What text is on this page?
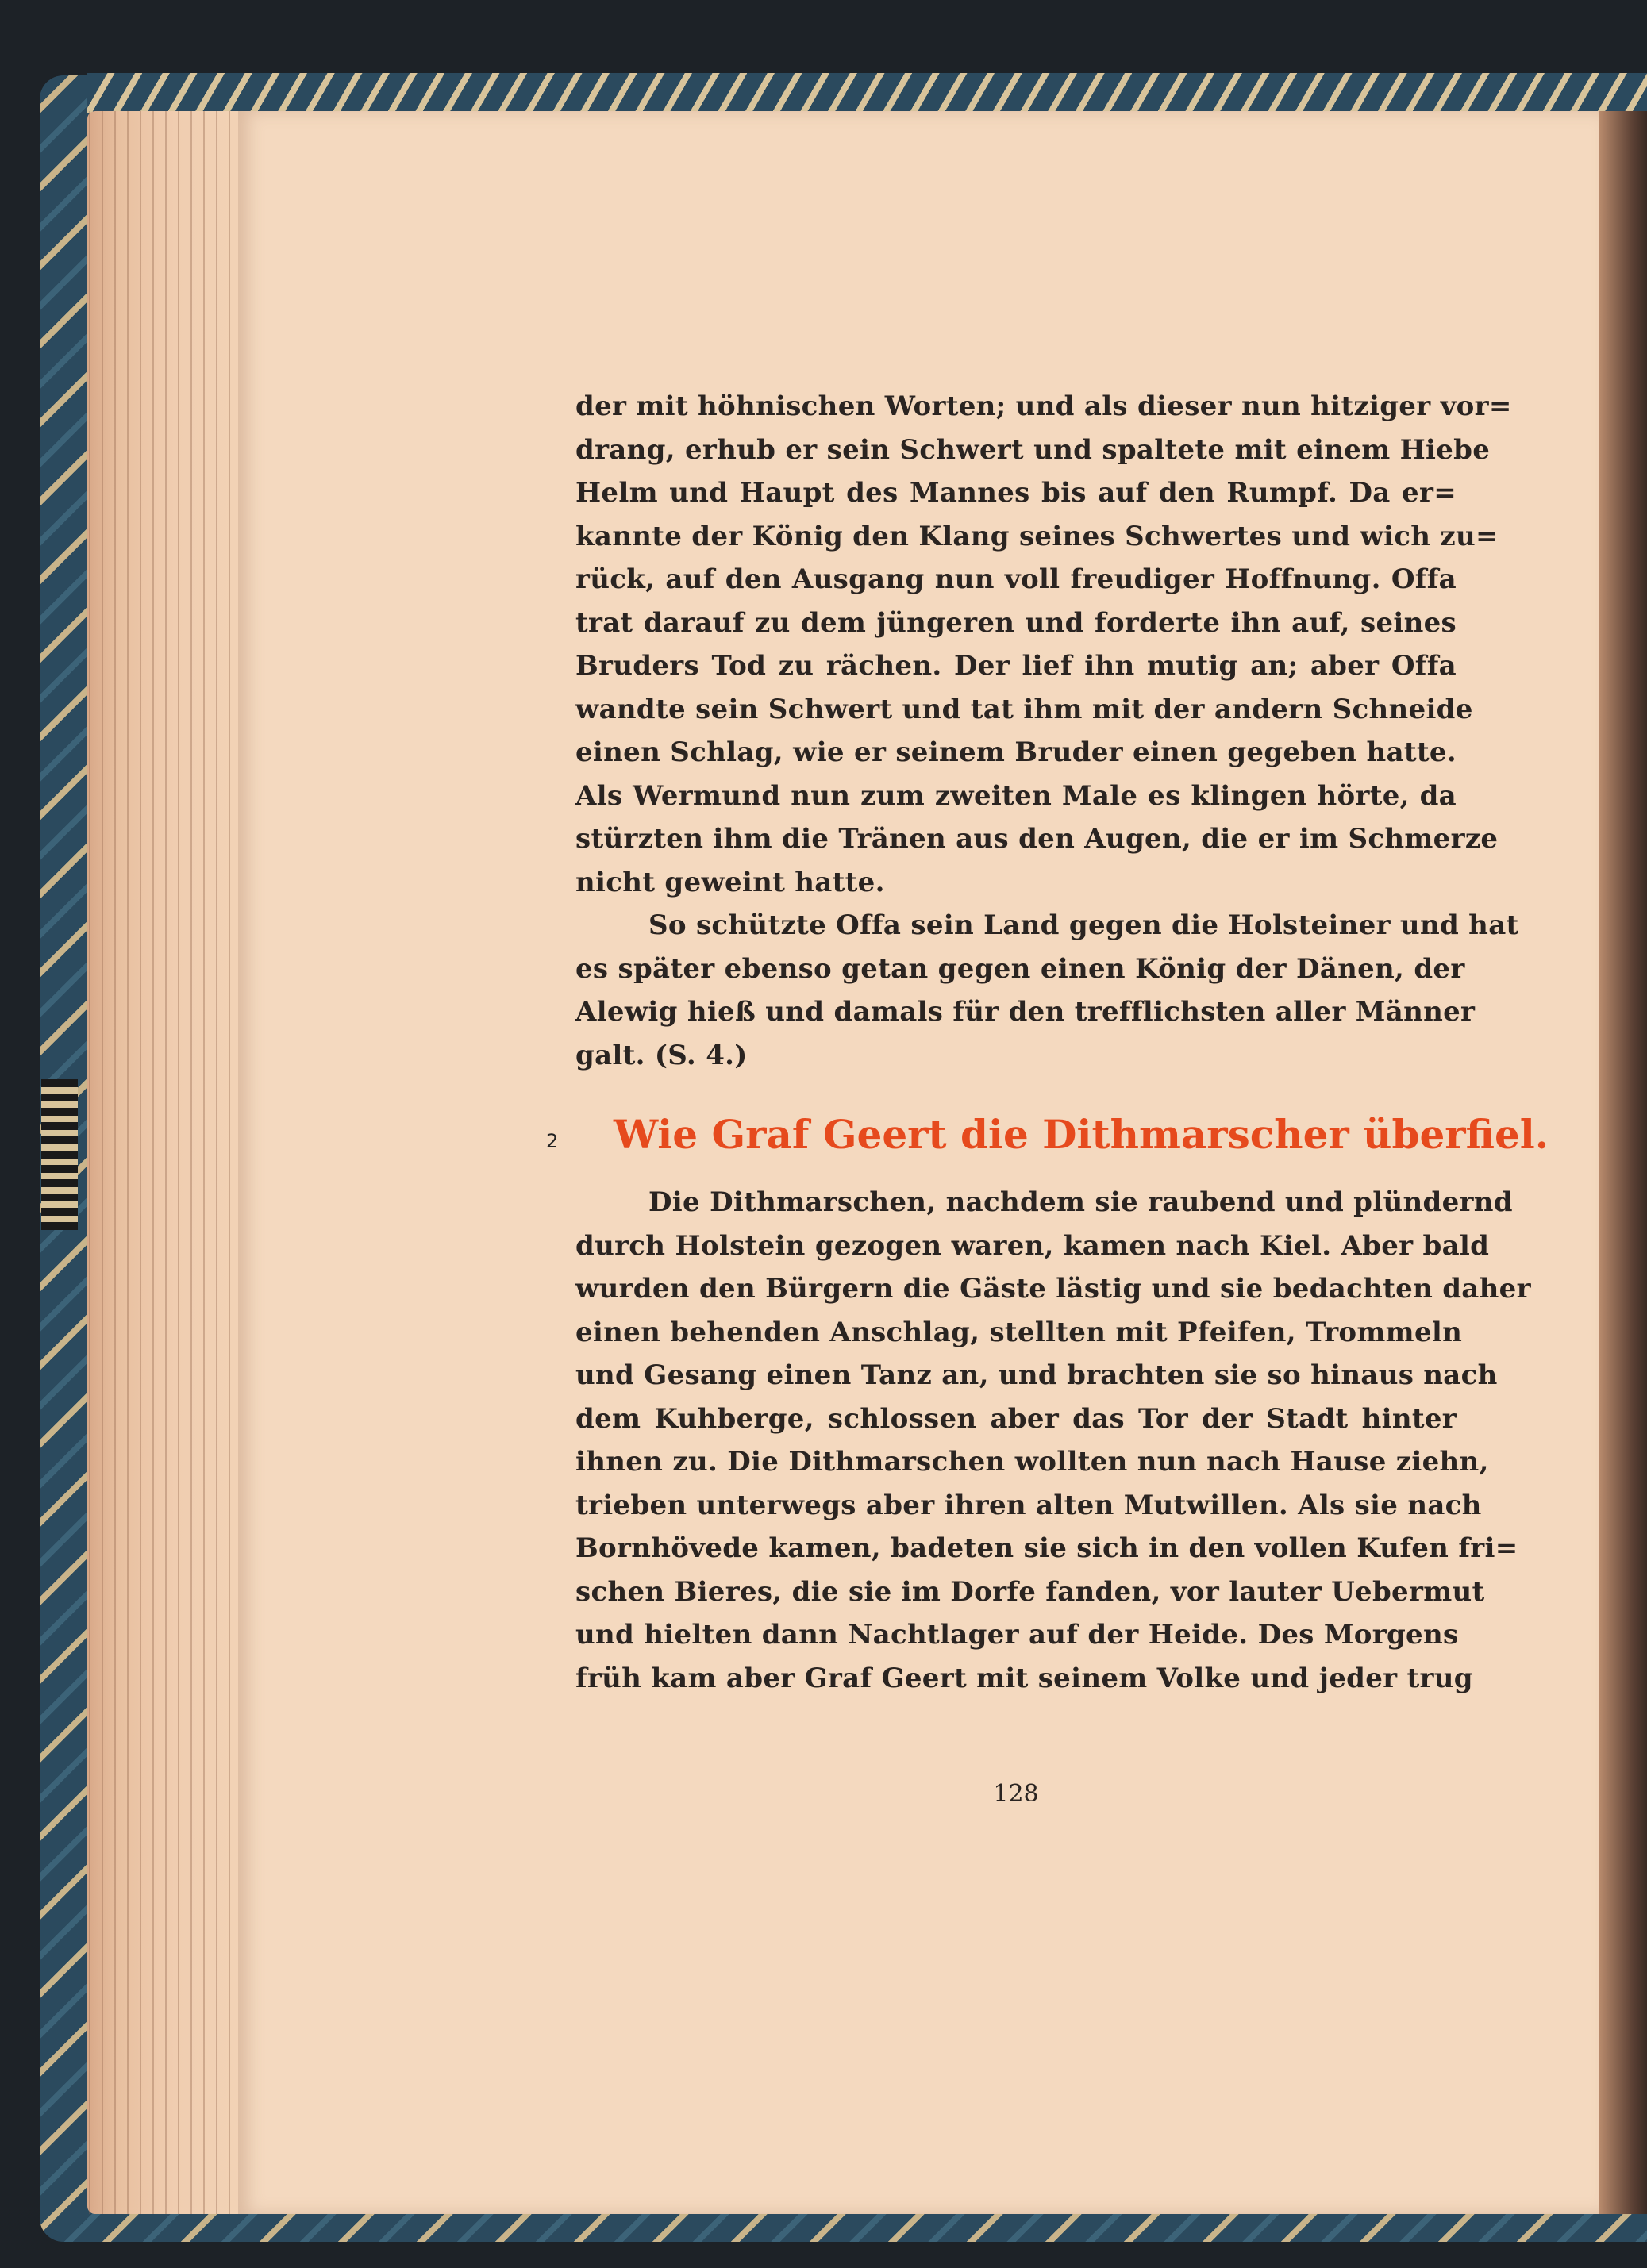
der mit höhnischen Worten; und als dieser nun hitziger vor=
drang, erhub er sein Schwert und spaltete mit einem Hiebe
Helm und Haupt des Mannes bis auf den Rumpf. Da er=
kannte der König den Klang seines Schwertes und wich zu=
rück, auf den Ausgang nun voll freudiger Hoffnung. Offa
trat darauf zu dem jüngeren und forderte ihn auf, seines
Bruders Tod zu rächen. Der lief ihn mutig an; aber Offa
wandte sein Schwert und tat ihm mit der andern Schneide
einen Schlag, wie er seinem Bruder einen gegeben hatte.
Als Wermund nun zum zweiten Male es klingen hörte, da
stürzten ihm die Tränen aus den Augen, die er im Schmerze
nicht geweint hatte.
So schützte Offa sein Land gegen die Holsteiner und hat
es später ebenso getan gegen einen König der Dänen, der
Alewig hieß und damals für den trefflichsten aller Männer
galt. (S. 4.)
2 Wie Graf Geert die Dithmarscher überfiel.
Die Dithmarschen, nachdem sie raubend und plündernd
durch Holstein gezogen waren, kamen nach Kiel. Aber bald
wurden den Bürgern die Gäste lästig und sie bedachten daher
einen behenden Anschlag, stellten mit Pfeifen, Trommeln
und Gesang einen Tanz an, und brachten sie so hinaus nach
dem Kuhberge, schlossen aber das Tor der Stadt hinter
ihnen zu. Die Dithmarschen wollten nun nach Hause ziehn,
trieben unterwegs aber ihren alten Mutwillen. Als sie nach
Bornhövede kamen, badeten sie sich in den vollen Kufen fri=
schen Bieres, die sie im Dorfe fanden, vor lauter Uebermut
und hielten dann Nachtlager auf der Heide. Des Morgens
früh kam aber Graf Geert mit seinem Volke und jeder trug
128
